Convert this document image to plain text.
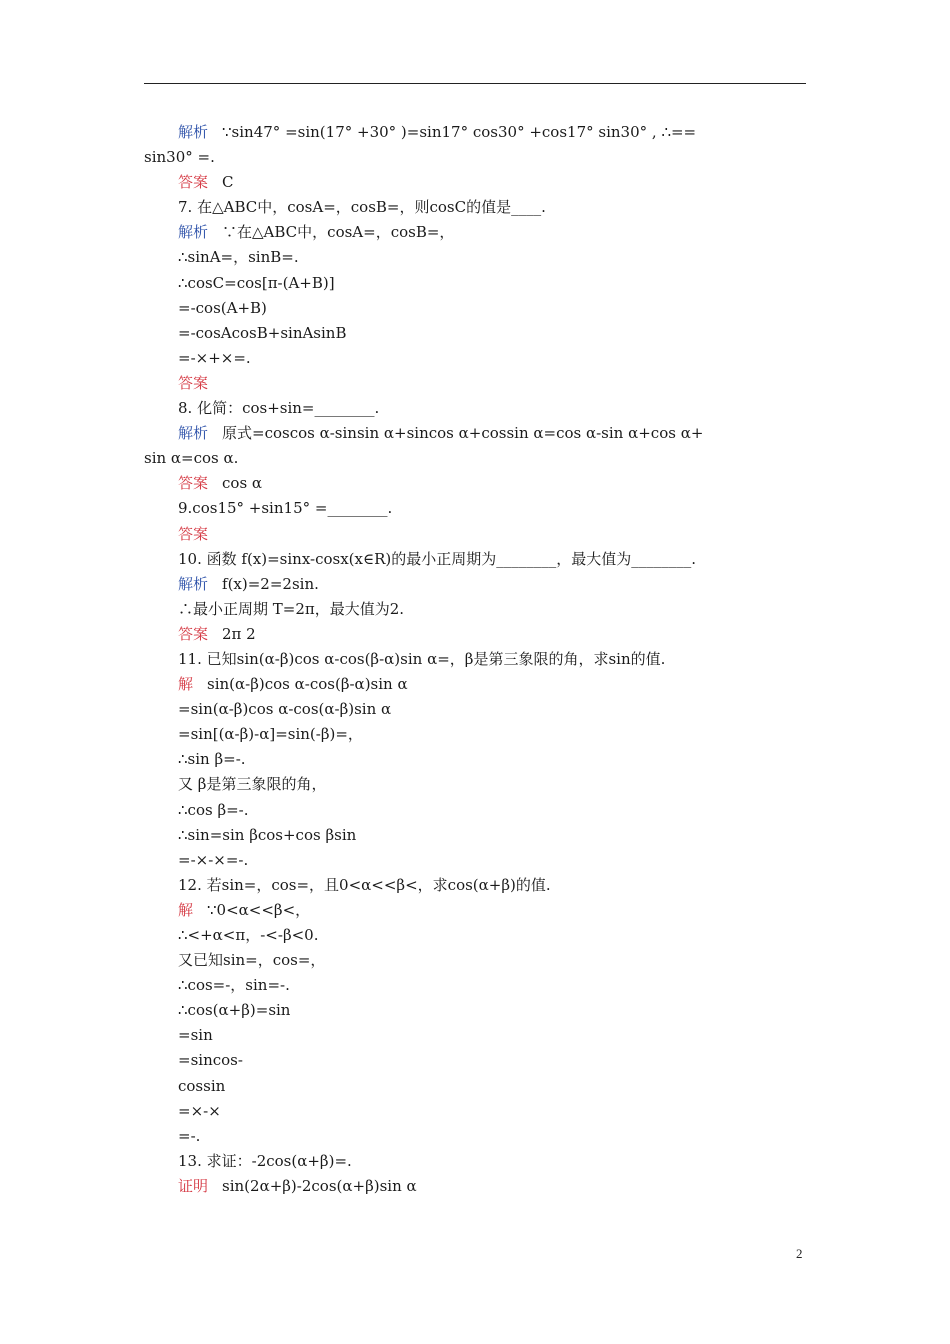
解析 ∵sin47° =sin(17° +30° )=sin17° cos30° +cos17° sin30° , ∴==
sin30° =.
答案 C
7. 在△ABC中，cosA=，cosB=，则cosC的值是____.
解析 ∵在△ABC中，cosA=，cosB=，
∴sinA=，sinB=.
∴cosC=cos[π-(A+B)]
=-cos(A+B)
=-cosAcosB+sinAsinB
=-×+×=.
答案
8. 化简：cos+sin=________.
解析 原式=coscos α-sinsin α+sincos α+cossin α=cos α-sin α+cos α+
sin α=cos α.
答案 cos α
9.cos15° +sin15° =________.
答案
10. 函数 f(x)=sinx-cosx(x∈R)的最小正周期为________，最大值为________.
解析 f(x)=2=2sin.
∴最小正周期 T=2π，最大值为2.
答案 2π 2
11. 已知sin(α-β)cos α-cos(β-α)sin α=，β是第三象限的角，求sin的值.
解 sin(α-β)cos α-cos(β-α)sin α
=sin(α-β)cos α-cos(α-β)sin α
=sin[(α-β)-α]=sin(-β)=，
∴sin β=-.
又 β是第三象限的角，
∴cos β=-.
∴sin=sin βcos+cos βsin
=-×-×=-.
12. 若sin=，cos=，且0<α<<β<，求cos(α+β)的值.
解 ∵0<α<<β<，
∴<+α<π，-<-β<0.
又已知sin=，cos=，
∴cos=-，sin=-.
∴cos(α+β)=sin
=sin
=sincos-
cossin
=×-×
=-.
13. 求证：-2cos(α+β)=.
证明 sin(2α+β)-2cos(α+β)sin α
2
